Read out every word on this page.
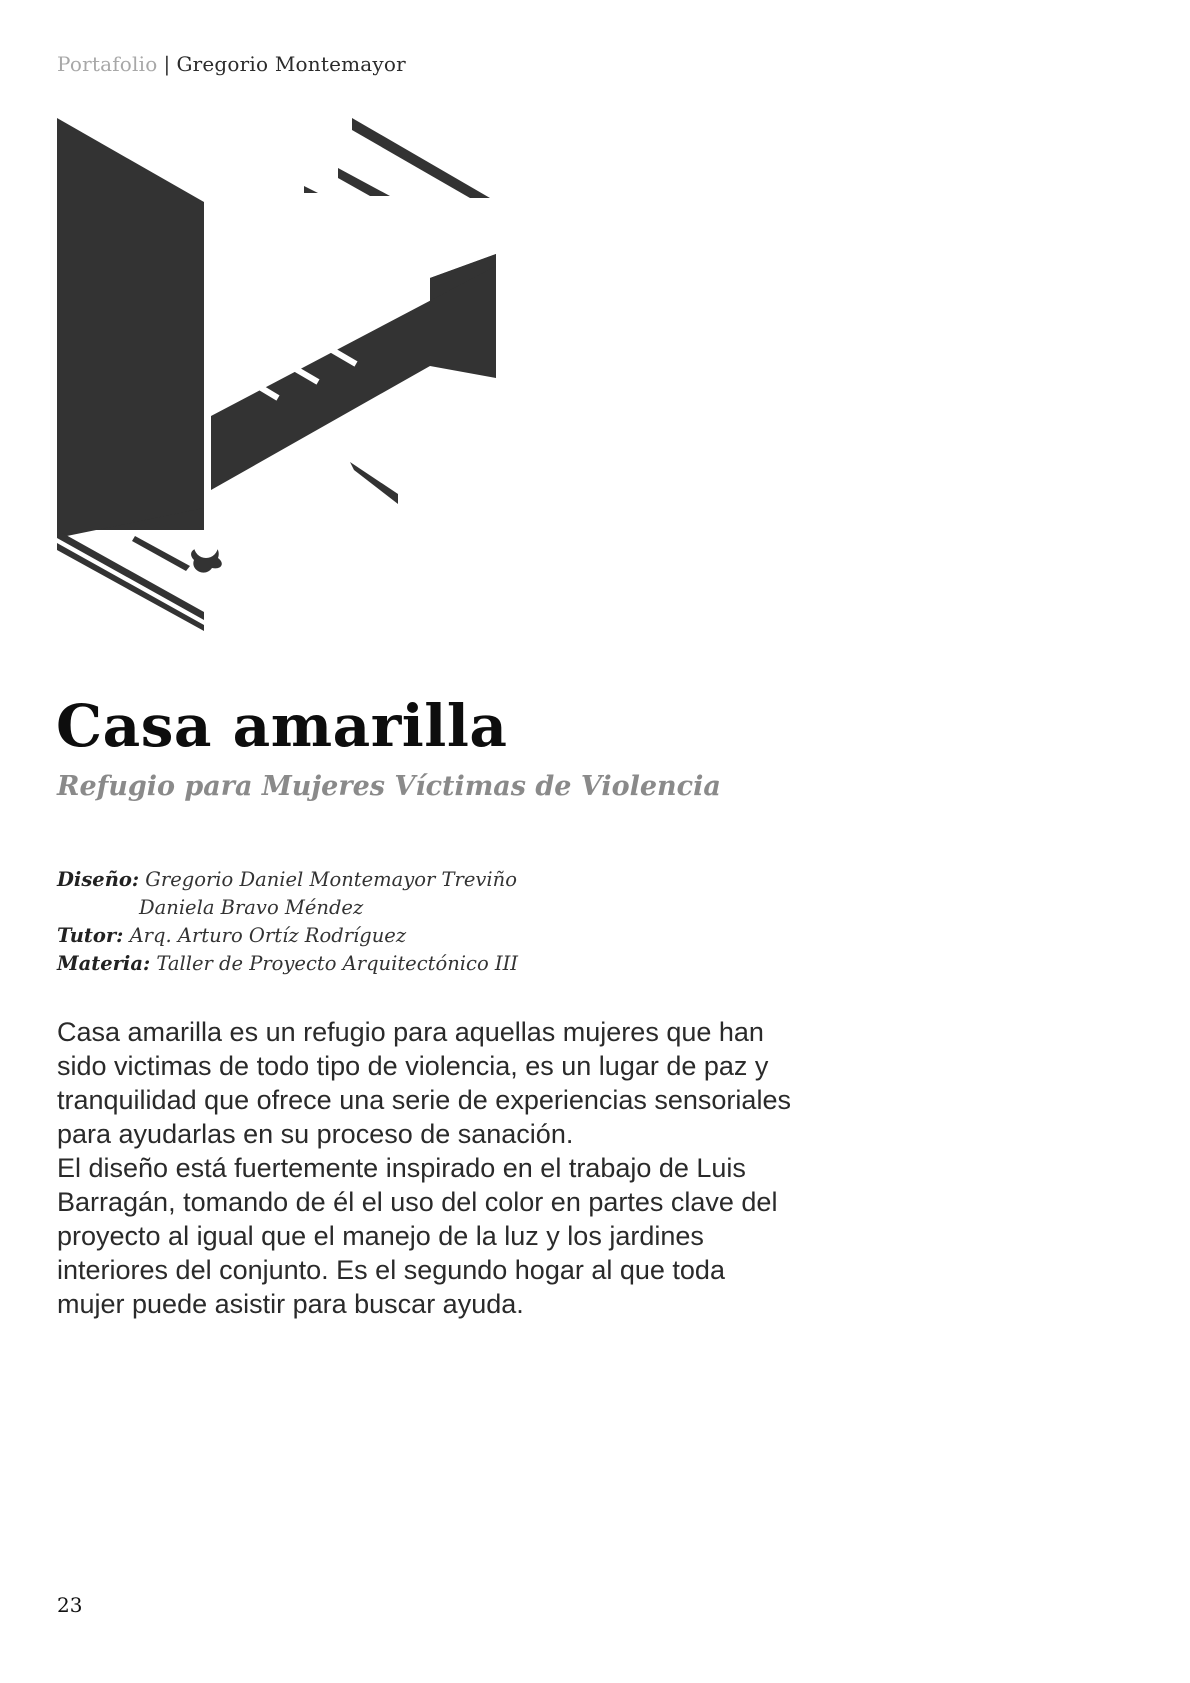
Portafolio | Gregorio Montemayor
Casa amarilla
Refugio para Mujeres Víctimas de Violencia
Diseño: Gregorio Daniel Montemayor Treviño
Daniela Bravo Méndez
Tutor: Arq. Arturo Ortíz Rodríguez
Materia: Taller de Proyecto Arquitectónico III

Casa amarilla es un refugio para aquellas mujeres que han sido victimas de todo tipo de violencia, es un lugar de paz y tranquilidad que ofrece una serie de experiencias sensoriales para ayudarlas en su proceso de sanación.

El diseño está fuertemente inspirado en el trabajo de Luis Barragán, tomando de él el uso del color en partes clave del proyecto al igual que el manejo de la luz y los jardines interiores del conjunto. Es el segundo hogar al que toda mujer puede asistir para buscar ayuda.

23
